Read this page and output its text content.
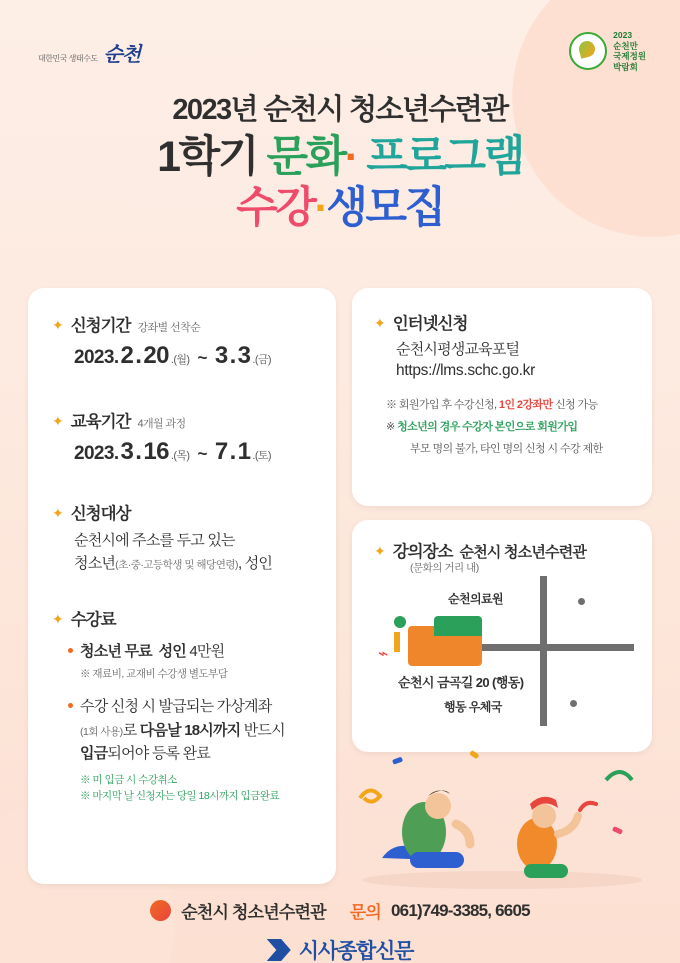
대한민국 생태수도 순천
2023
순천만
국제정원
박람회
2023년 순천시 청소년수련관
1학기 문화· 프로그램
수강·생모집
✦ 신청기간 강좌별 선착순
2023. 2 . 20 .(월) ~ 3 . 3 .(금)
✦ 교육기간 4개월 과정
2023. 3 . 16 .(목) ~ 7 . 1 .(토)
✦ 신청대상
순천시에 주소를 두고 있는
청소년(초·중·고등학생 및 해당연령), 성인
✦ 수강료
청소년 무료 성인 4만원
※ 재료비, 교재비 수강생 별도부담
수강 신청 시 발급되는 가상계좌
(1회 사용)로 다음날 18시까지 반드시
입금되어야 등록 완료
※ 미 입금 시 수강취소
※ 마지막 날 신청자는 당일 18시까지 입금완료
✦ 인터넷신청
순천시평생교육포털
https://lms.schc.go.kr
※ 회원가입 후 수강신청, 1인 2강좌만 신청 가능
※ 청소년의 경우 수강자 본인으로 회원가입
부모 명의 불가, 타인 명의 신청 시 수강 제한
✦ 강의장소 순천시 청소년수련관
(문화의 거리 내)
⌁
순천의료원
순천시 금곡길 20 (행동)
행동 우체국
순천시 청소년수련관 문의 061)749-3385, 6605
시사종합신문
